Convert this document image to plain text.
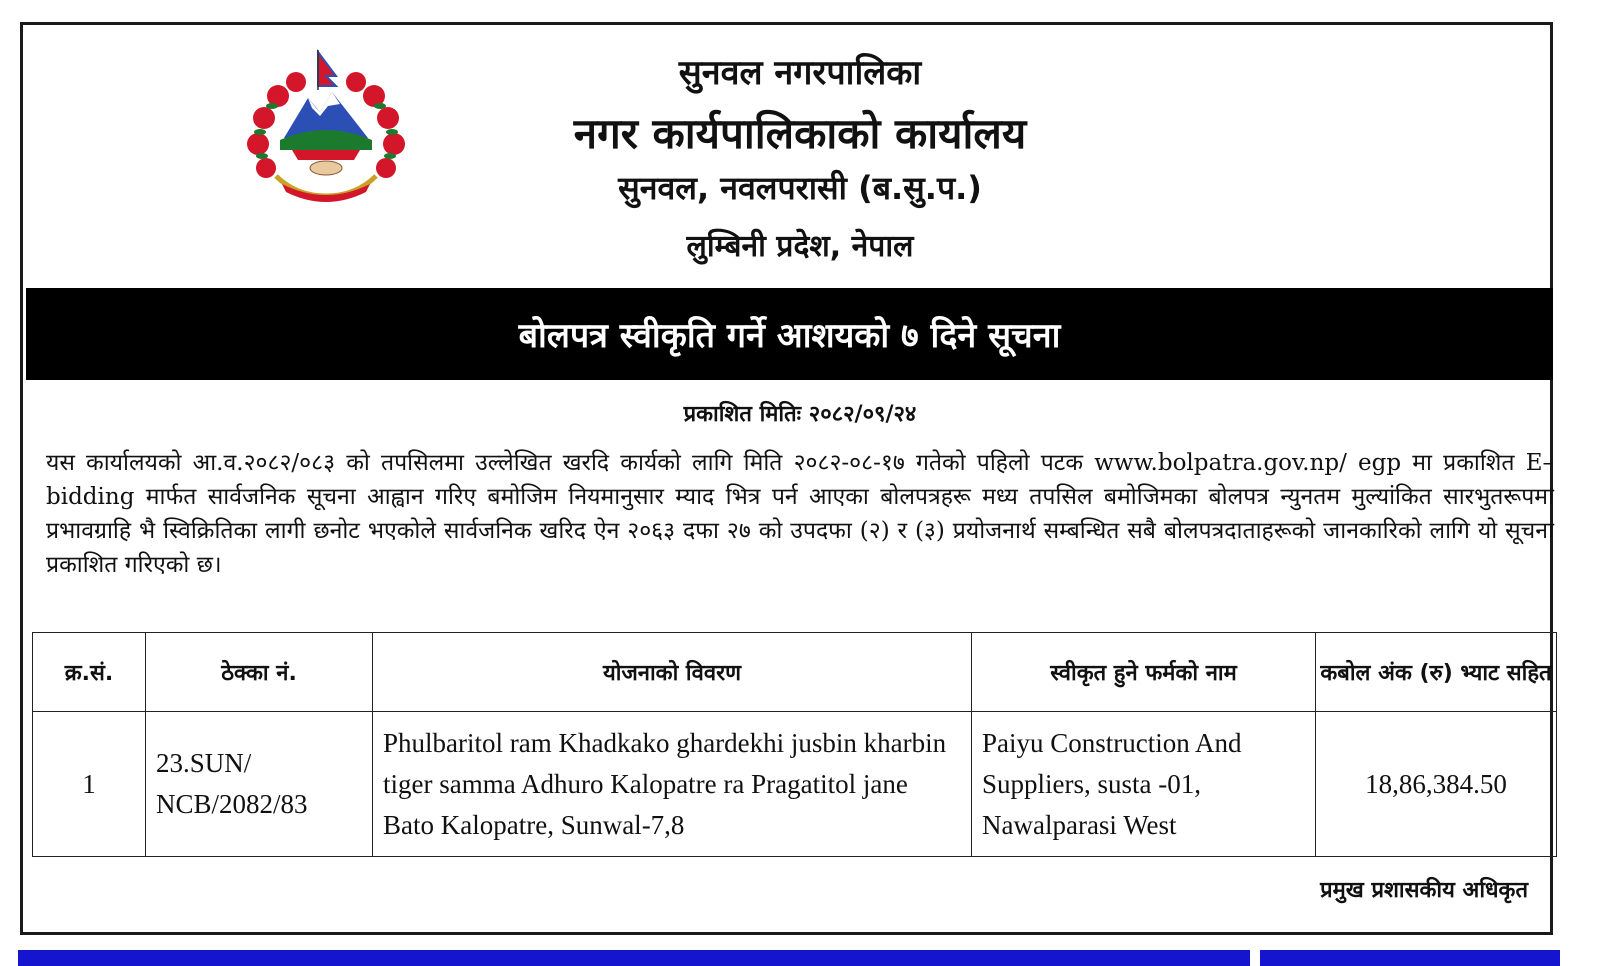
सुनवल नगरपालिका
नगर कार्यपालिकाको कार्यालय
सुनवल, नवलपरासी (ब.सु.प.)
लुम्बिनी प्रदेश, नेपाल
बोलपत्र स्वीकृति गर्ने आशयको ७ दिने सूचना
प्रकाशित मितिः २०८२/०९/२४
यस कार्यालयको आ.व.२०८२/०८३ को तपसिलमा उल्लेखित खरदि कार्यको लागि मिति २०८२-०८-१७ गतेको पहिलो पटक www.bolpatra.gov.np/ egp मा प्रकाशित E–bidding मार्फत सार्वजनिक सूचना आह्वान गरिए बमोजिम नियमानुसार म्याद भित्र पर्न आएका बोलपत्रहरू मध्य तपसिल बमोजिमका बोलपत्र न्युनतम मुल्यांकित सारभुतरूपमा प्रभावग्राहि भै स्विक्रितिका लागी छनोट भएकोले सार्वजनिक खरिद ऐन २०६३ दफा २७ को उपदफा (२) र (३) प्रयोजनार्थ सम्बन्धित सबै बोलपत्रदाताहरूको जानकारिको लागि यो सूचना प्रकाशित गरिएको छ।
क्र.सं.	ठेक्का नं.	योजनाको विवरण	स्वीकृत हुने फर्मको नाम	कबोल अंक (रु) भ्याट सहित
1	23.SUN/ NCB/2082/83	Phulbaritol ram Khadkako ghardekhi jusbin kharbin tiger samma Adhuro Kalopatre ra Pragatitol jane Bato Kalopatre, Sunwal-7,8	Paiyu Construction And Suppliers, susta -01, Nawalparasi West	18,86,384.50
प्रमुख प्रशासकीय अधिकृत
